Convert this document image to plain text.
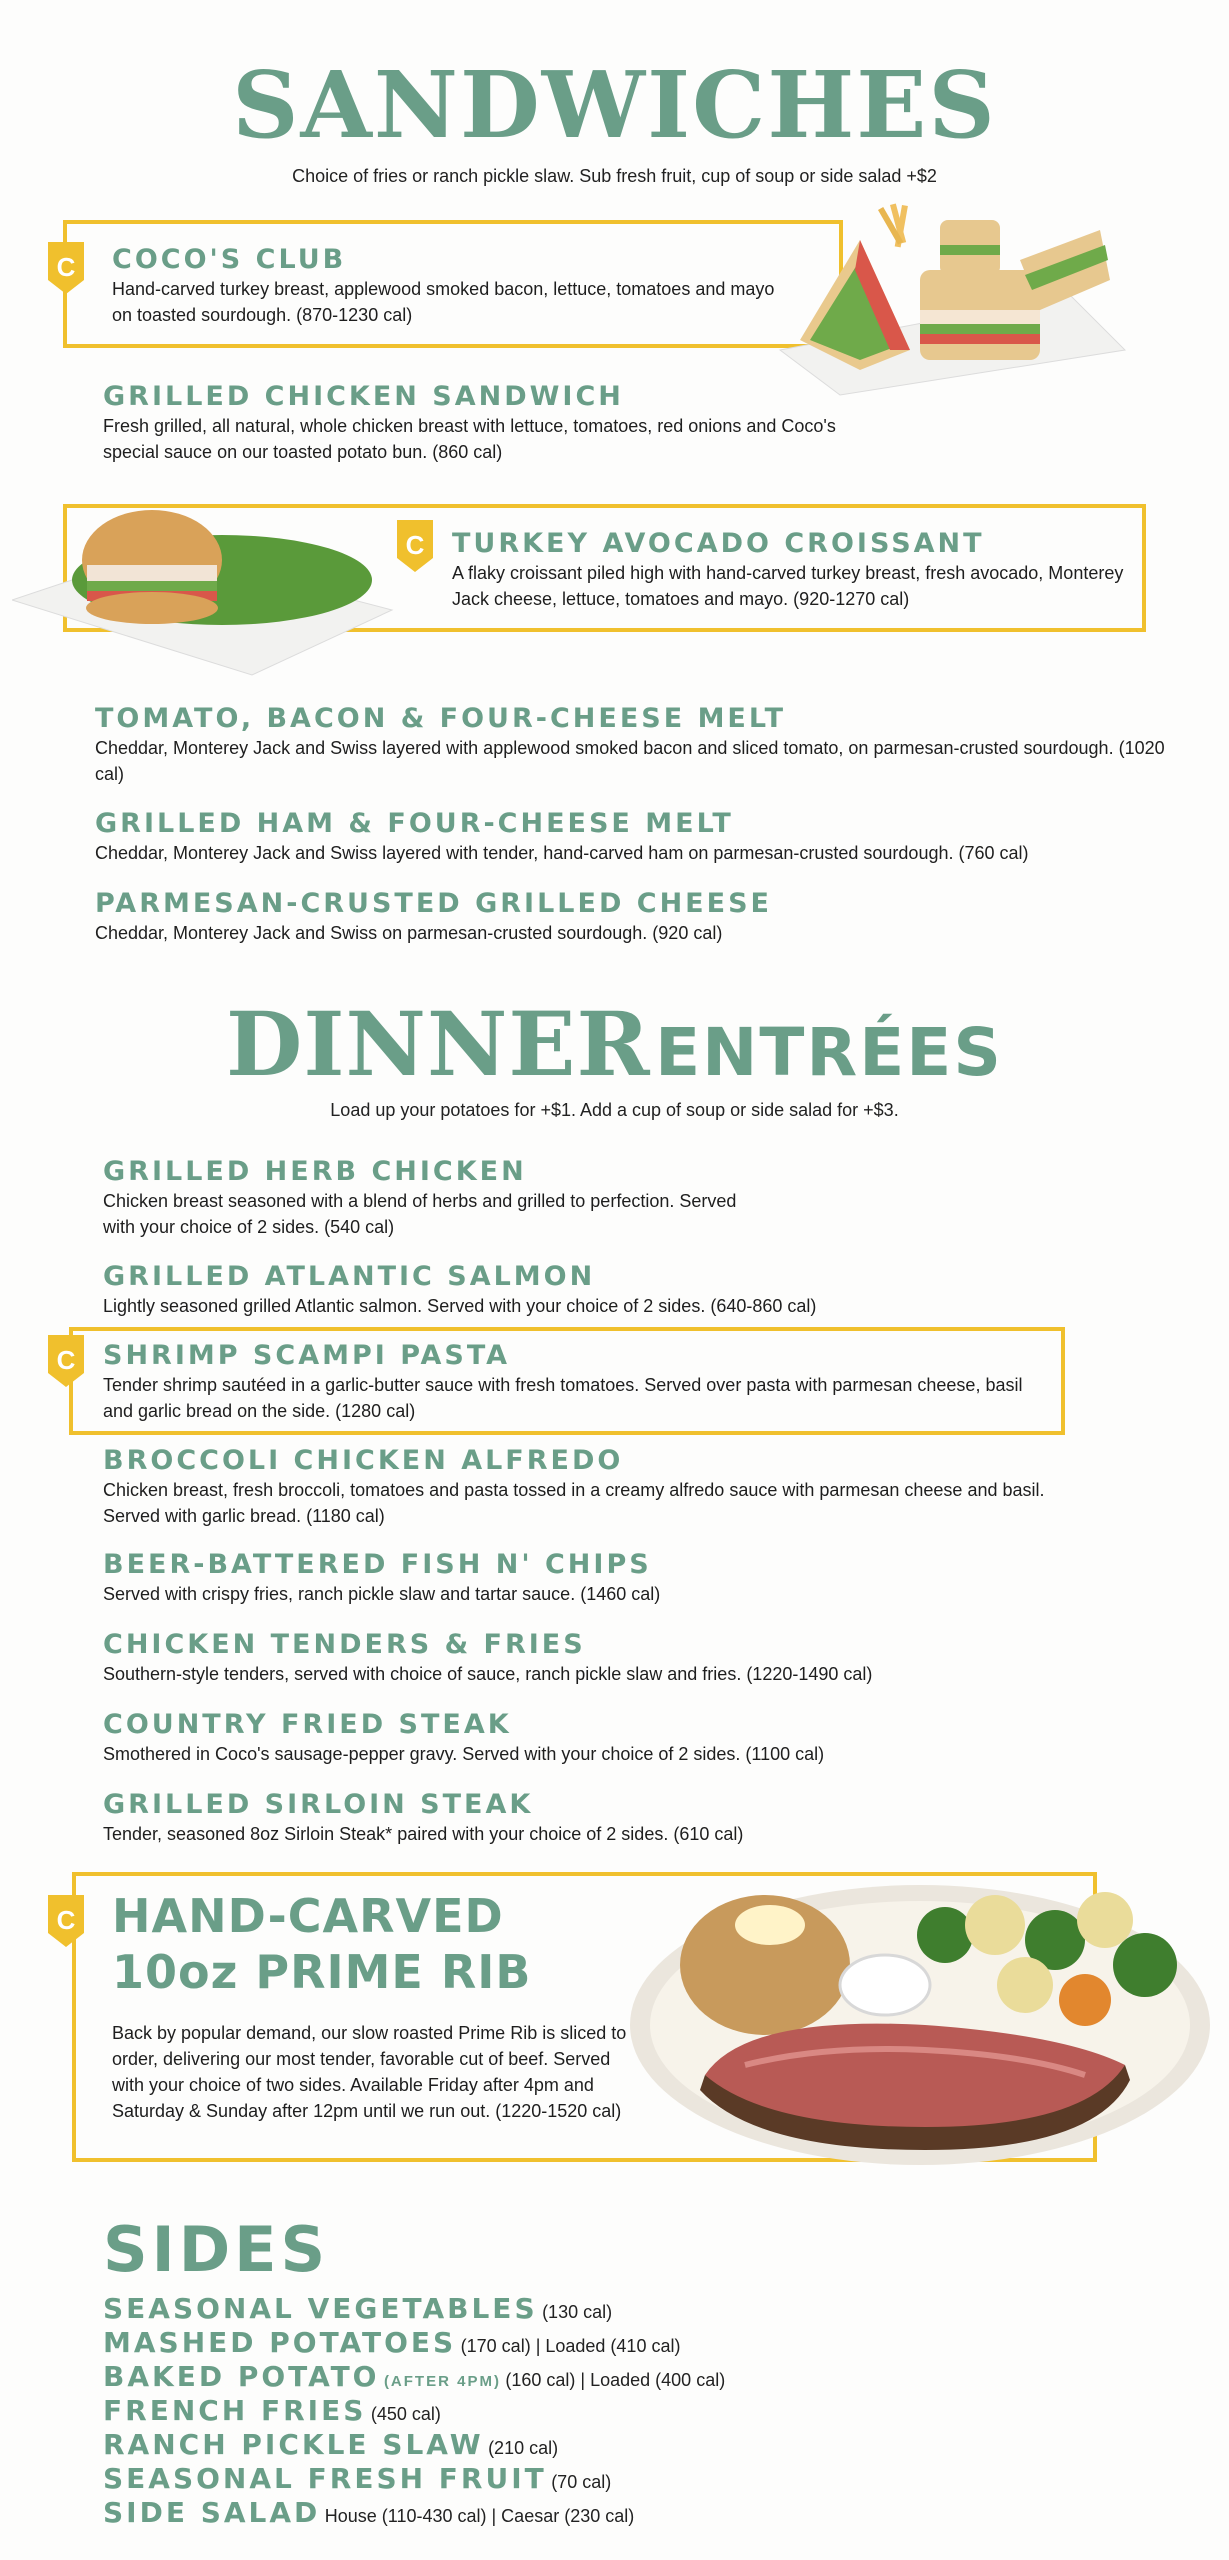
SANDWICHES
Choice of fries or ranch pickle slaw. Sub fresh fruit, cup of soup or side salad +$2
C COCO'S CLUB

Hand-carved turkey breast, applewood smoked bacon, lettuce, tomatoes and mayo on toasted sourdough. (870-1230 cal)

GRILLED CHICKEN SANDWICH

Fresh grilled, all natural, whole chicken breast with lettuce, tomatoes, red onions and Coco's special sauce on our toasted potato bun. (860 cal)

C TURKEY AVOCADO CROISSANT

A flaky croissant piled high with hand-carved turkey breast, fresh avocado, Monterey Jack cheese, lettuce, tomatoes and mayo. (920-1270 cal)

TOMATO, BACON & FOUR-CHEESE MELT

Cheddar, Monterey Jack and Swiss layered with applewood smoked bacon and sliced tomato, on parmesan-crusted sourdough. (1020 cal)

GRILLED HAM & FOUR-CHEESE MELT

Cheddar, Monterey Jack and Swiss layered with tender, hand-carved ham on parmesan-crusted sourdough. (760 cal)

PARMESAN-CRUSTED GRILLED CHEESE

Cheddar, Monterey Jack and Swiss on parmesan-crusted sourdough. (920 cal)

DINNER ENTRÉES
Load up your potatoes for +$1. Add a cup of soup or side salad for +$3.
GRILLED HERB CHICKEN

Chicken breast seasoned with a blend of herbs and grilled to perfection. Served with your choice of 2 sides. (540 cal)

GRILLED ATLANTIC SALMON

Lightly seasoned grilled Atlantic salmon. Served with your choice of 2 sides. (640-860 cal)

C SHRIMP SCAMPI PASTA

Tender shrimp sautéed in a garlic-butter sauce with fresh tomatoes. Served over pasta with parmesan cheese, basil and garlic bread on the side. (1280 cal)

BROCCOLI CHICKEN ALFREDO

Chicken breast, fresh broccoli, tomatoes and pasta tossed in a creamy alfredo sauce with parmesan cheese and basil. Served with garlic bread. (1180 cal)

BEER-BATTERED FISH N' CHIPS

Served with crispy fries, ranch pickle slaw and tartar sauce. (1460 cal)

CHICKEN TENDERS & FRIES

Southern-style tenders, served with choice of sauce, ranch pickle slaw and fries. (1220-1490 cal)

COUNTRY FRIED STEAK

Smothered in Coco's sausage-pepper gravy. Served with your choice of 2 sides. (1100 cal)

GRILLED SIRLOIN STEAK

Tender, seasoned 8oz Sirloin Steak* paired with your choice of 2 sides. (610 cal)

C HAND-CARVED
10oz PRIME RIB

Back by popular demand, our slow roasted Prime Rib is sliced to order, delivering our most tender, favorable cut of beef. Served with your choice of two sides. Available Friday after 4pm and Saturday & Sunday after 12pm until we run out. (1220-1520 cal)

SIDES
SEASONAL VEGETABLES (130 cal)
MASHED POTATOES (170 cal) | Loaded (410 cal)
BAKED POTATO (AFTER 4PM) (160 cal) | Loaded (400 cal)
FRENCH FRIES (450 cal)
RANCH PICKLE SLAW (210 cal)
SEASONAL FRESH FRUIT (70 cal)
SIDE SALAD House (110-430 cal) | Caesar (230 cal)
